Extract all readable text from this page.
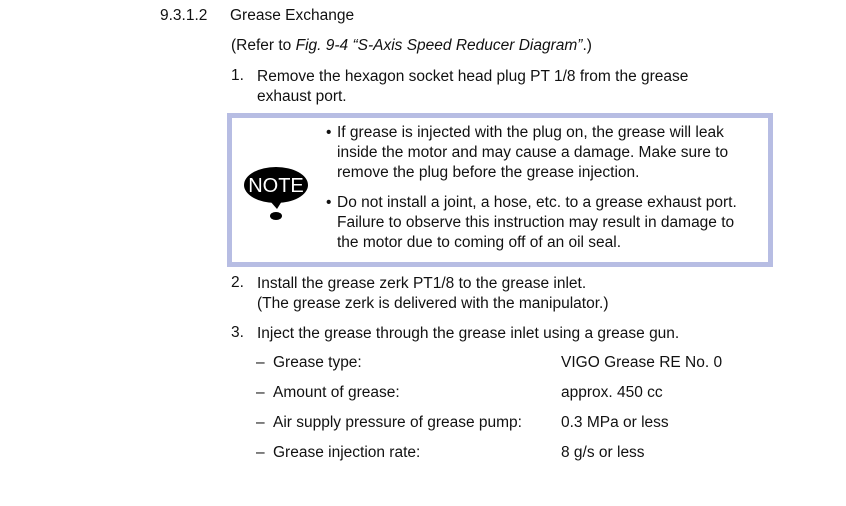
9.3.1.2 Grease Exchange
(Refer to Fig. 9-4 “S-Axis Speed Reducer Diagram”.)
1. Remove the hexagon socket head plug PT 1/8 from the grease
exhaust port.
NOTE
• If grease is injected with the plug on, the grease will leak
inside the motor and may cause a damage. Make sure to
remove the plug before the grease injection.
• Do not install a joint, a hose, etc. to a grease exhaust port.
Failure to observe this instruction may result in damage to
the motor due to coming off of an oil seal.
2. Install the grease zerk PT1/8 to the grease inlet.
(The grease zerk is delivered with the manipulator.)
3. Inject the grease through the grease inlet using a grease gun.
– Grease type:	VIGO Grease RE No. 0
– Amount of grease:	approx. 450 cc
– Air supply pressure of grease pump:	0.3 MPa or less
– Grease injection rate:	8 g/s or less
